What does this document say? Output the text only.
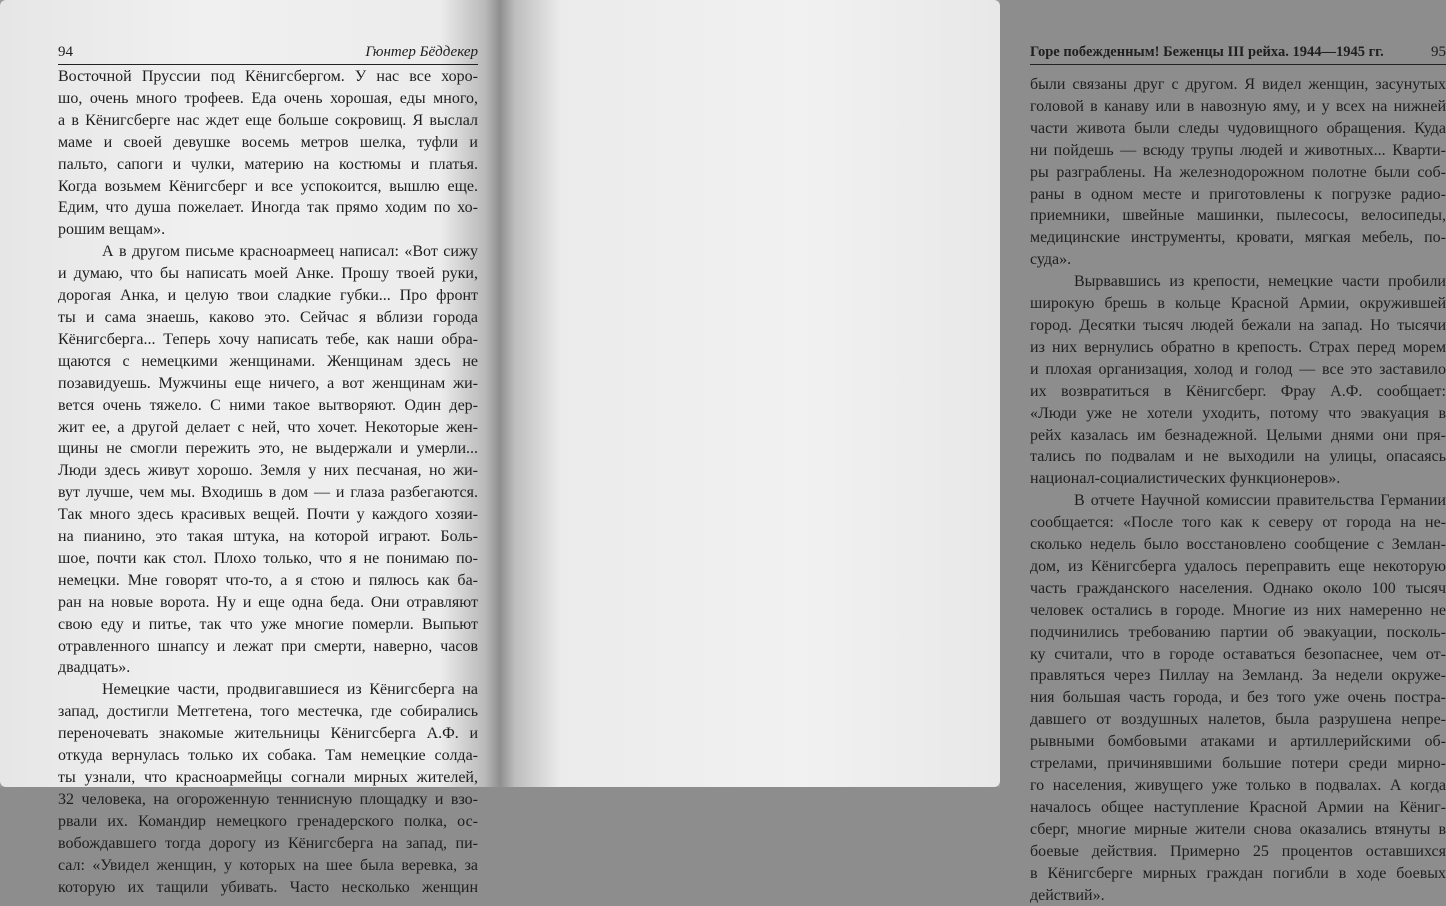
94	Гюнтер Бёддекер
Восточной Пруссии под Кёнигсбергом. У нас все хоро-
шо, очень много трофеев. Еда очень хорошая, еды много,
а в Кёнигсберге нас ждет еще больше сокровищ. Я выслал
маме и своей девушке восемь метров шелка, туфли и
пальто, сапоги и чулки, материю на костюмы и платья.
Когда возьмем Кёнигсберг и все успокоится, вышлю еще.
Едим, что душа пожелает. Иногда так прямо ходим по хо-
рошим вещам».
А в другом письме красноармеец написал: «Вот сижу
и думаю, что бы написать моей Анке. Прошу твоей руки,
дорогая Анка, и целую твои сладкие губки... Про фронт
ты и сама знаешь, каково это. Сейчас я вблизи города
Кёнигсберга... Теперь хочу написать тебе, как наши обра-
щаются с немецкими женщинами. Женщинам здесь не
позавидуешь. Мужчины еще ничего, а вот женщинам жи-
вется очень тяжело. С ними такое вытворяют. Один дер-
жит ее, а другой делает с ней, что хочет. Некоторые жен-
щины не смогли пережить это, не выдержали и умерли...
Люди здесь живут хорошо. Земля у них песчаная, но жи-
вут лучше, чем мы. Входишь в дом — и глаза разбегаются.
Так много здесь красивых вещей. Почти у каждого хозяи-
на пианино, это такая штука, на которой играют. Боль-
шое, почти как стол. Плохо только, что я не понимаю по-
немецки. Мне говорят что-то, а я стою и пялюсь как ба-
ран на новые ворота. Ну и еще одна беда. Они отравляют
свою еду и питье, так что уже многие померли. Выпьют
отравленного шнапсу и лежат при смерти, наверно, часов
двадцать».
Немецкие части, продвигавшиеся из Кёнигсберга на
запад, достигли Метгетена, того местечка, где собирались
переночевать знакомые жительницы Кёнигсберга А.Ф. и
откуда вернулась только их собака. Там немецкие солда-
ты узнали, что красноармейцы согнали мирных жителей,
32 человека, на огороженную теннисную площадку и взо-
рвали их. Командир немецкого гренадерского полка, ос-
вобождавшего тогда дорогу из Кёнигсберга на запад, пи-
сал: «Увидел женщин, у которых на шее была веревка, за
которую их тащили убивать. Часто несколько женщин
Горе побежденным! Беженцы III рейха. 1944—1945 гг.	95
были связаны друг с другом. Я видел женщин, засунутых
головой в канаву или в навозную яму, и у всех на нижней
части живота были следы чудовищного обращения. Куда
ни пойдешь — всюду трупы людей и животных... Кварти-
ры разграблены. На железнодорожном полотне были соб-
раны в одном месте и приготовлены к погрузке радио-
приемники, швейные машинки, пылесосы, велосипеды,
медицинские инструменты, кровати, мягкая мебель, по-
суда».
Вырвавшись из крепости, немецкие части пробили
широкую брешь в кольце Красной Армии, окружившей
город. Десятки тысяч людей бежали на запад. Но тысячи
из них вернулись обратно в крепость. Страх перед морем
и плохая организация, холод и голод — все это заставило
их возвратиться в Кёнигсберг. Фрау А.Ф. сообщает:
«Люди уже не хотели уходить, потому что эвакуация в
рейх казалась им безнадежной. Целыми днями они пря-
тались по подвалам и не выходили на улицы, опасаясь
национал-социалистических функционеров».
В отчете Научной комиссии правительства Германии
сообщается: «После того как к северу от города на не-
сколько недель было восстановлено сообщение с Землан-
дом, из Кёнигсберга удалось переправить еще некоторую
часть гражданского населения. Однако около 100 тысяч
человек остались в городе. Многие из них намеренно не
подчинились требованию партии об эвакуации, посколь-
ку считали, что в городе оставаться безопаснее, чем от-
правляться через Пиллау на Земланд. За недели окруже-
ния большая часть города, и без того уже очень постра-
давшего от воздушных налетов, была разрушена непре-
рывными бомбовыми атаками и артиллерийскими об-
стрелами, причинявшими большие потери среди мирно-
го населения, живущего уже только в подвалах. А когда
началось общее наступление Красной Армии на Кёниг-
сберг, многие мирные жители снова оказались втянуты в
боевые действия. Примерно 25 процентов оставшихся
в Кёнигсберге мирных граждан погибли в ходе боевых
действий».
